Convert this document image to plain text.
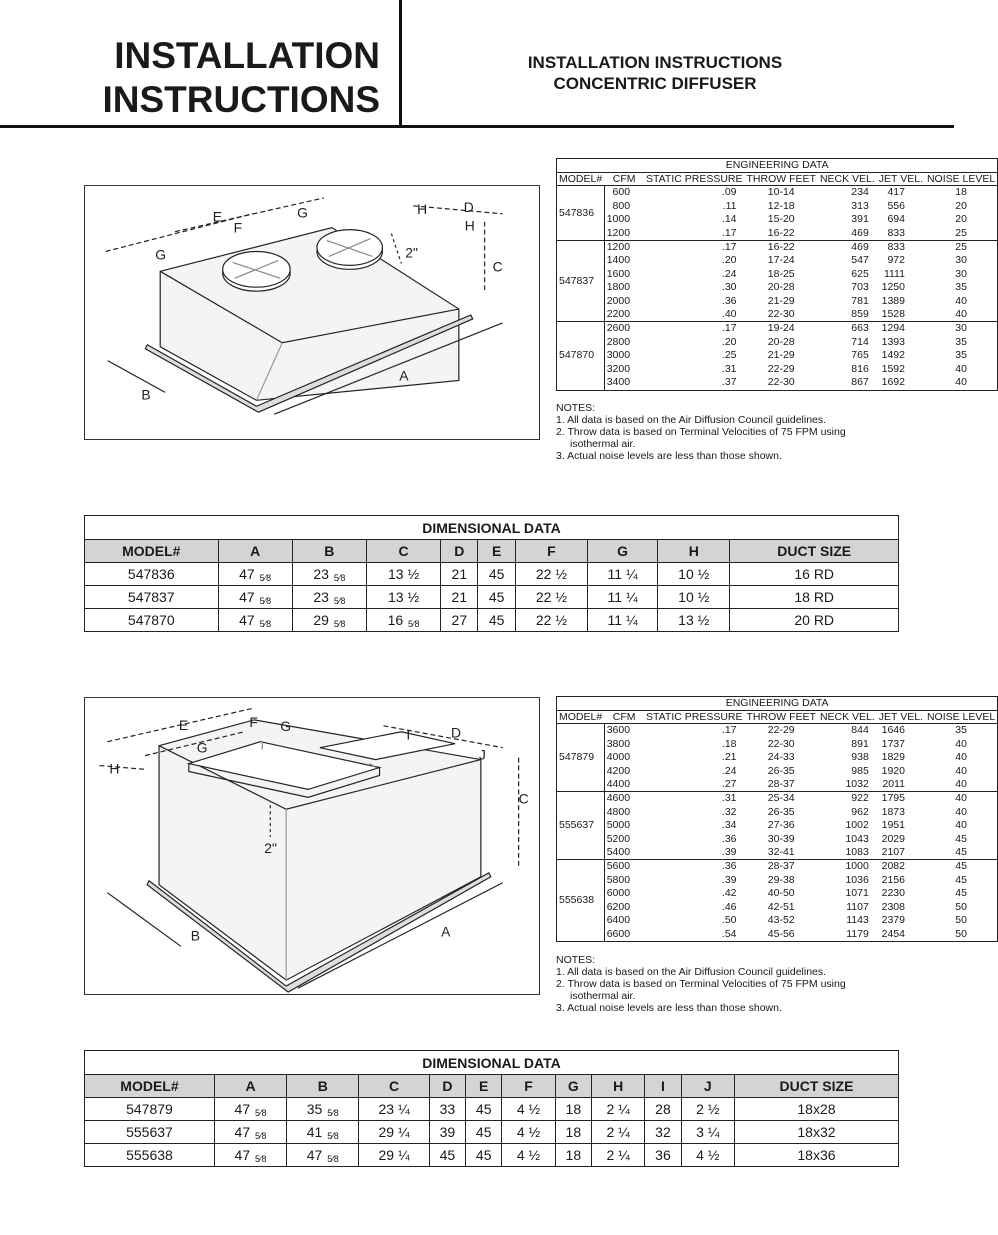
INSTALLATION
INSTRUCTIONS
INSTALLATION INSTRUCTIONS
CONCENTRIC DIFFUSER
E
F
G
G
H	D
H
2"
C
A
B
ENGINEERING DATA						
MODEL#	CFM	STATIC PRESSURE	THROW FEET	NECK VEL.	JET VEL.	NOISE LEVEL
547836	600	.09	10-14	234	417	18
	800	.11	12-18	313	556	20
	1000	.14	15-20	391	694	20
	1200	.17	16-22	469	833	25
547837	1200	.17	16-22	469	833	25
	1400	.20	17-24	547	972	30
	1600	.24	18-25	625	1111	30
	1800	.30	20-28	703	1250	35
	2000	.36	21-29	781	1389	40
	2200	.40	22-30	859	1528	40
547870	2600	.17	19-24	663	1294	30
	2800	.20	20-28	714	1393	35
	3000	.25	21-29	765	1492	35
	3200	.31	22-29	816	1592	40
	3400	.37	22-30	867	1692	40
NOTES:
1. All data is based on the Air Diffusion Council guidelines.
2. Throw data is based on Terminal Velocities of 75 FPM using isothermal air.
3. Actual noise levels are less than those shown.
DIMENSIONAL DATA									
MODEL#	A	B	C	D	E	F	G	H	DUCT SIZE
547836	47 5⁄8	23 5⁄8	13 ½	21	45	22 ½	11 ¼	10 ½	16 RD
547837	47 5⁄8	23 5⁄8	13 ½	21	45	22 ½	11 ¼	10 ½	18 RD
547870	47 5⁄8	29 5⁄8	16 5⁄8	27	45	22 ½	11 ¼	13 ½	20 RD
E	F G
G
H
I	D
J
C
2"
A
B
ENGINEERING DATA						
MODEL#	CFM	STATIC PRESSURE	THROW FEET	NECK VEL.	JET VEL.	NOISE LEVEL
547879	3600	.17	22-29	844	1646	35
	3800	.18	22-30	891	1737	40
	4000	.21	24-33	938	1829	40
	4200	.24	26-35	985	1920	40
	4400	.27	28-37	1032	2011	40
555637	4600	.31	25-34	922	1795	40
	4800	.32	26-35	962	1873	40
	5000	.34	27-36	1002	1951	40
	5200	.36	30-39	1043	2029	45
	5400	.39	32-41	1083	2107	45
555638	5600	.36	28-37	1000	2082	45
	5800	.39	29-38	1036	2156	45
	6000	.42	40-50	1071	2230	45
	6200	.46	42-51	1107	2308	50
	6400	.50	43-52	1143	2379	50
	6600	.54	45-56	1179	2454	50
NOTES:
1. All data is based on the Air Diffusion Council guidelines.
2. Throw data is based on Terminal Velocities of 75 FPM using isothermal air.
3. Actual noise levels are less than those shown.
DIMENSIONAL DATA											
MODEL#	A	B	C	D	E	F	G	H	I	J	DUCT SIZE
547879	47 5⁄8	35 5⁄8	23 ¼	33	45	4 ½	18	2 ¼	28	2 ½	18x28
555637	47 5⁄8	41 5⁄8	29 ¼	39	45	4 ½	18	2 ¼	32	3 ¼	18x32
555638	47 5⁄8	47 5⁄8	29 ¼	45	45	4 ½	18	2 ¼	36	4 ½	18x36
